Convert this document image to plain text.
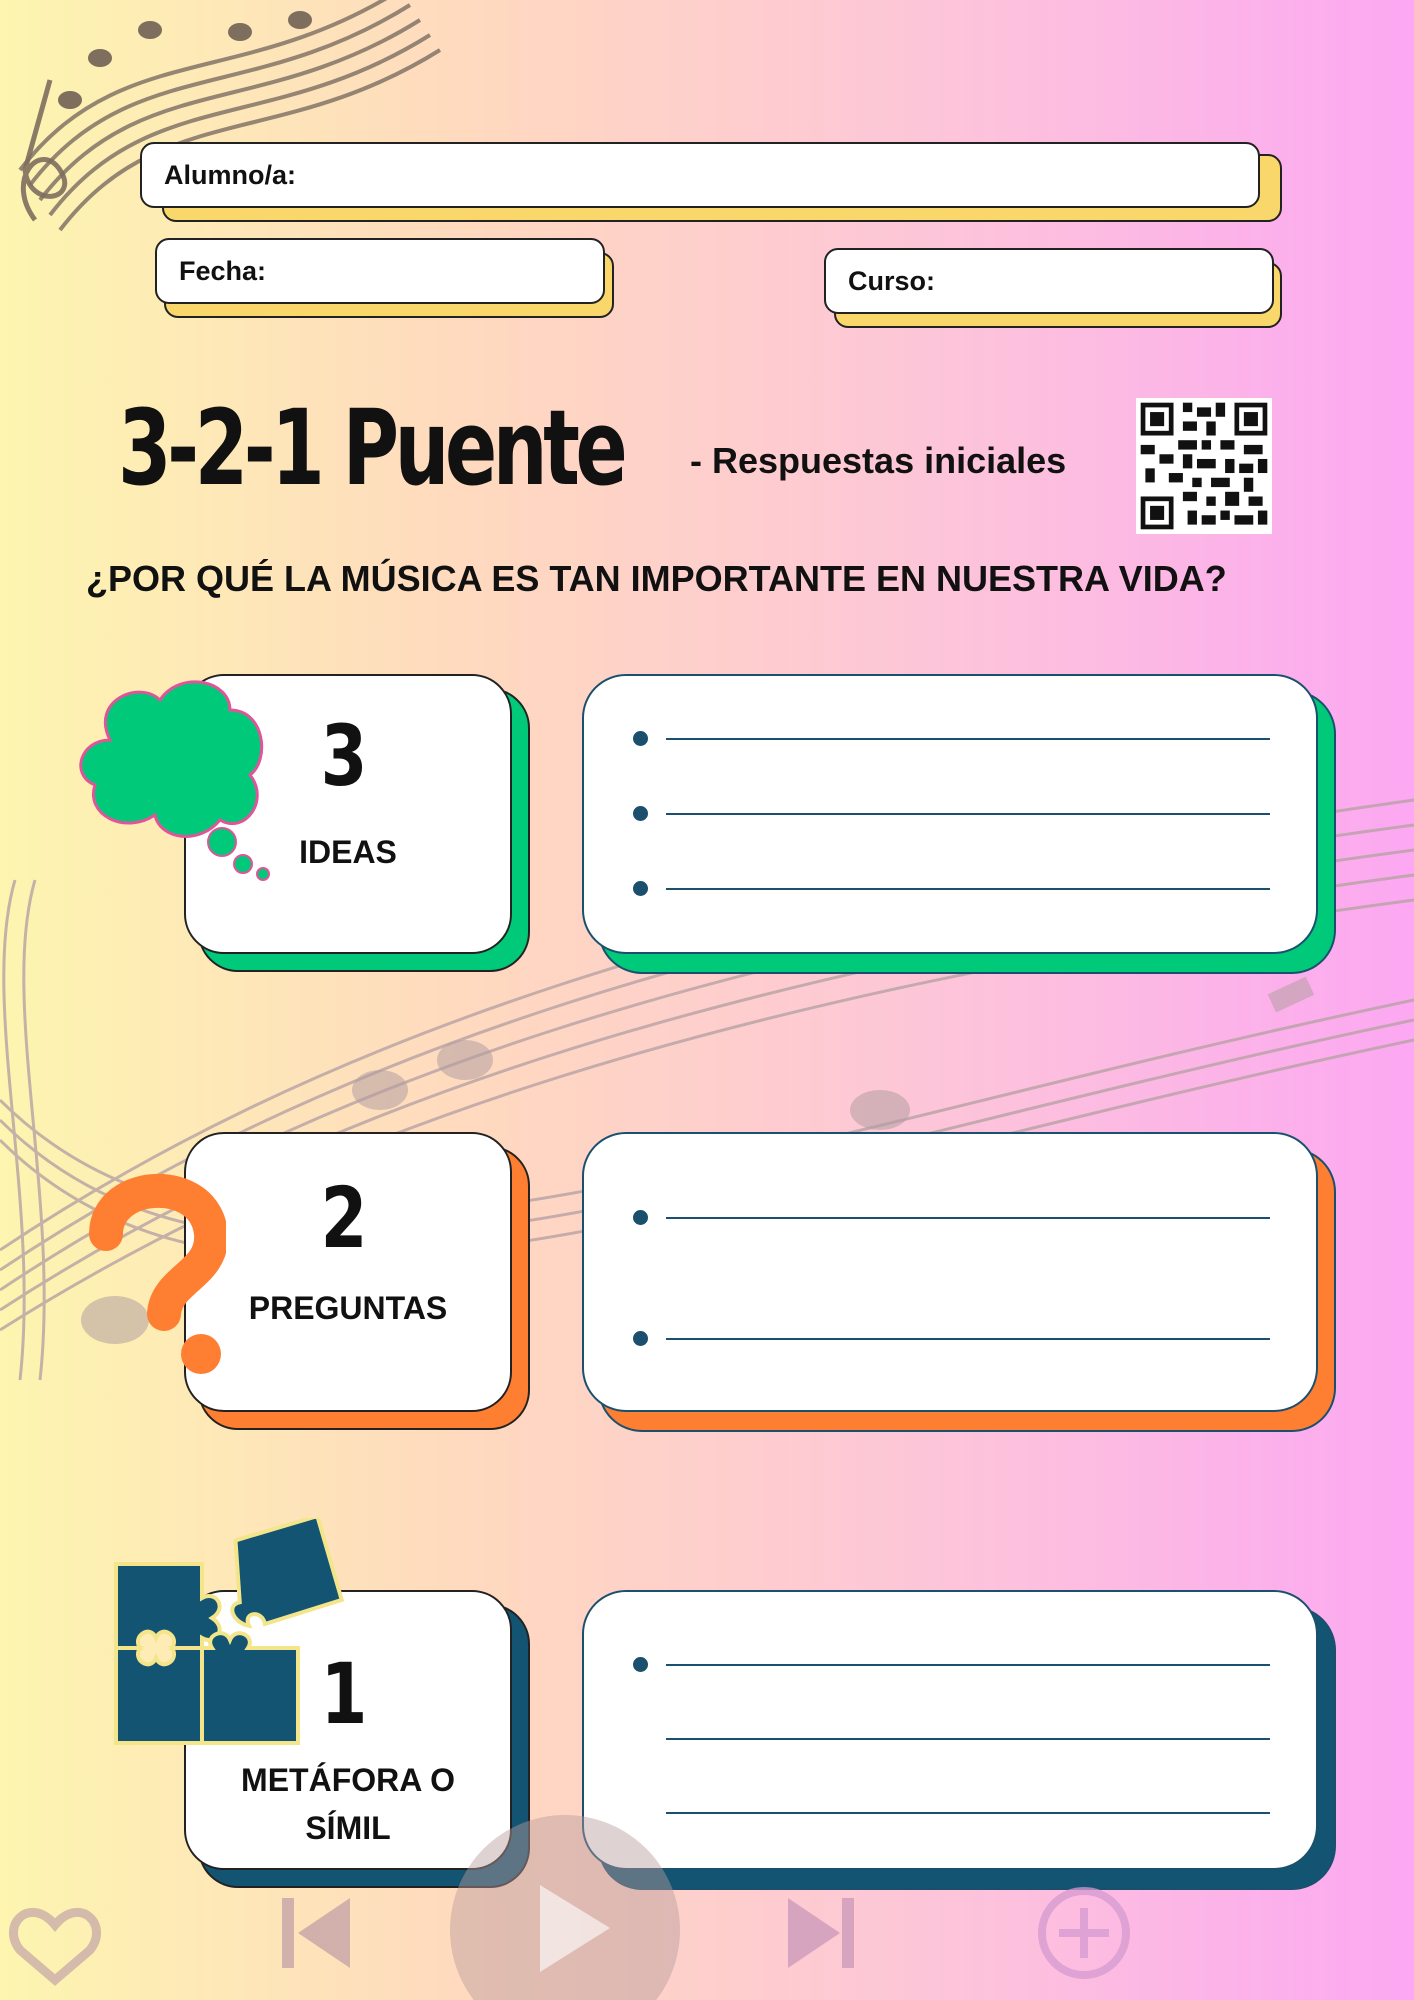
Alumno/a:
Fecha:	Curso:
3-2-1 Puente - Respuestas iniciales
¿POR QUÉ LA MÚSICA ES TAN IMPORTANTE EN NUESTRA VIDA?
3
IDEAS
2
PREGUNTAS
1
METÁFORA O
SÍMIL
